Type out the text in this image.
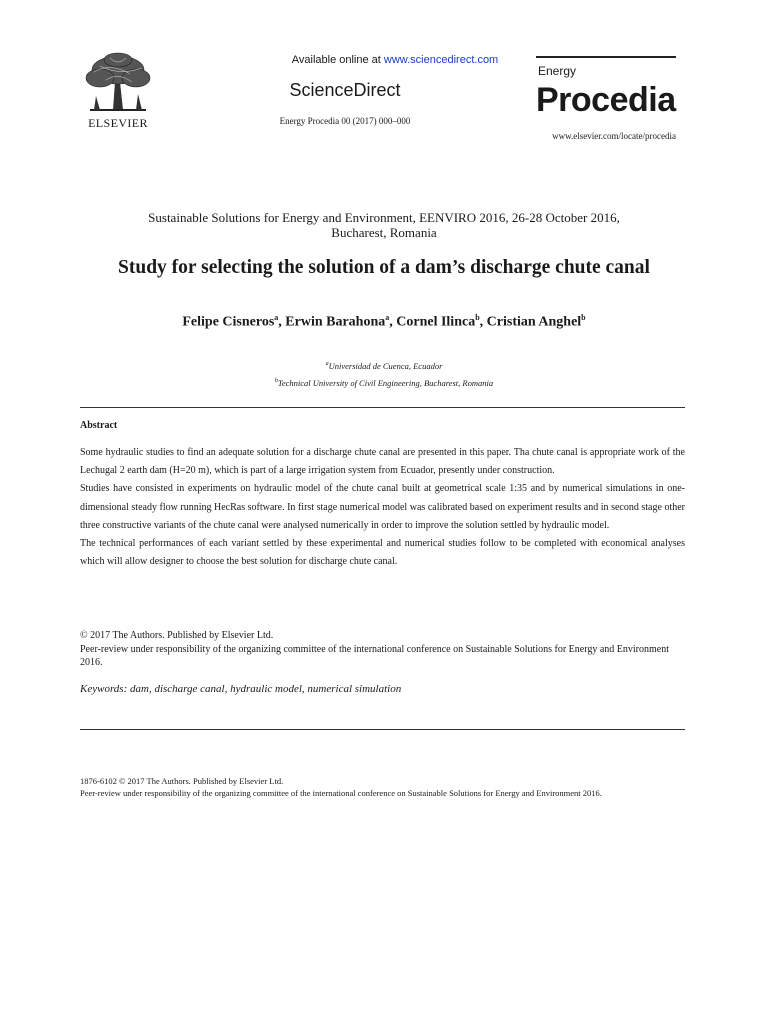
ELSEVIER
Available online at www.sciencedirect.com
ScienceDirect
Energy Procedia 00 (2017) 000–000
Energy
Procedia
www.elsevier.com/locate/procedia
Sustainable Solutions for Energy and Environment, EENVIRO 2016, 26-28 October 2016,
Bucharest, Romania
Study for selecting the solution of a dam’s discharge chute canal
Felipe Cisneros$^a$, Erwin Barahona$^a$, Cornel Ilinca$^b$, Cristian Anghel$^b$
$^a$Universidad de Cuenca, Ecuador
$^b$Technical University of Civil Engineering, Bucharest, Romania
Abstract

Some hydraulic studies to find an adequate solution for a discharge chute canal are presented in this paper. Tha chute canal is appropriate work of the Lechugal 2 earth dam (H=20 m), which is part of a large irrigation system from Ecuador, presently under construction.

Studies have consisted in experiments on hydraulic model of the chute canal built at geometrical scale 1:35 and by numerical simulations in one-dimensional steady flow running HecRas software. In first stage numerical model was calibrated based on experiment results and in second stage other three constructive variants of the chute canal were analysed numerically in order to improve the solution settled by hydraulic model.

The technical performances of each variant settled by these experimental and numerical studies follow to be completed with economical analyses which will allow designer to choose the best solution for discharge chute canal.

© 2017 The Authors. Published by Elsevier Ltd.

Peer-review under responsibility of the organizing committee of the international conference on Sustainable Solutions for Energy and Environment 2016.

Keywords: dam, discharge canal, hydraulic model, numerical simulation

1876-6102 © 2017 The Authors. Published by Elsevier Ltd.

Peer-review under responsibility of the organizing committee of the international conference on Sustainable Solutions for Energy and Environment 2016.
